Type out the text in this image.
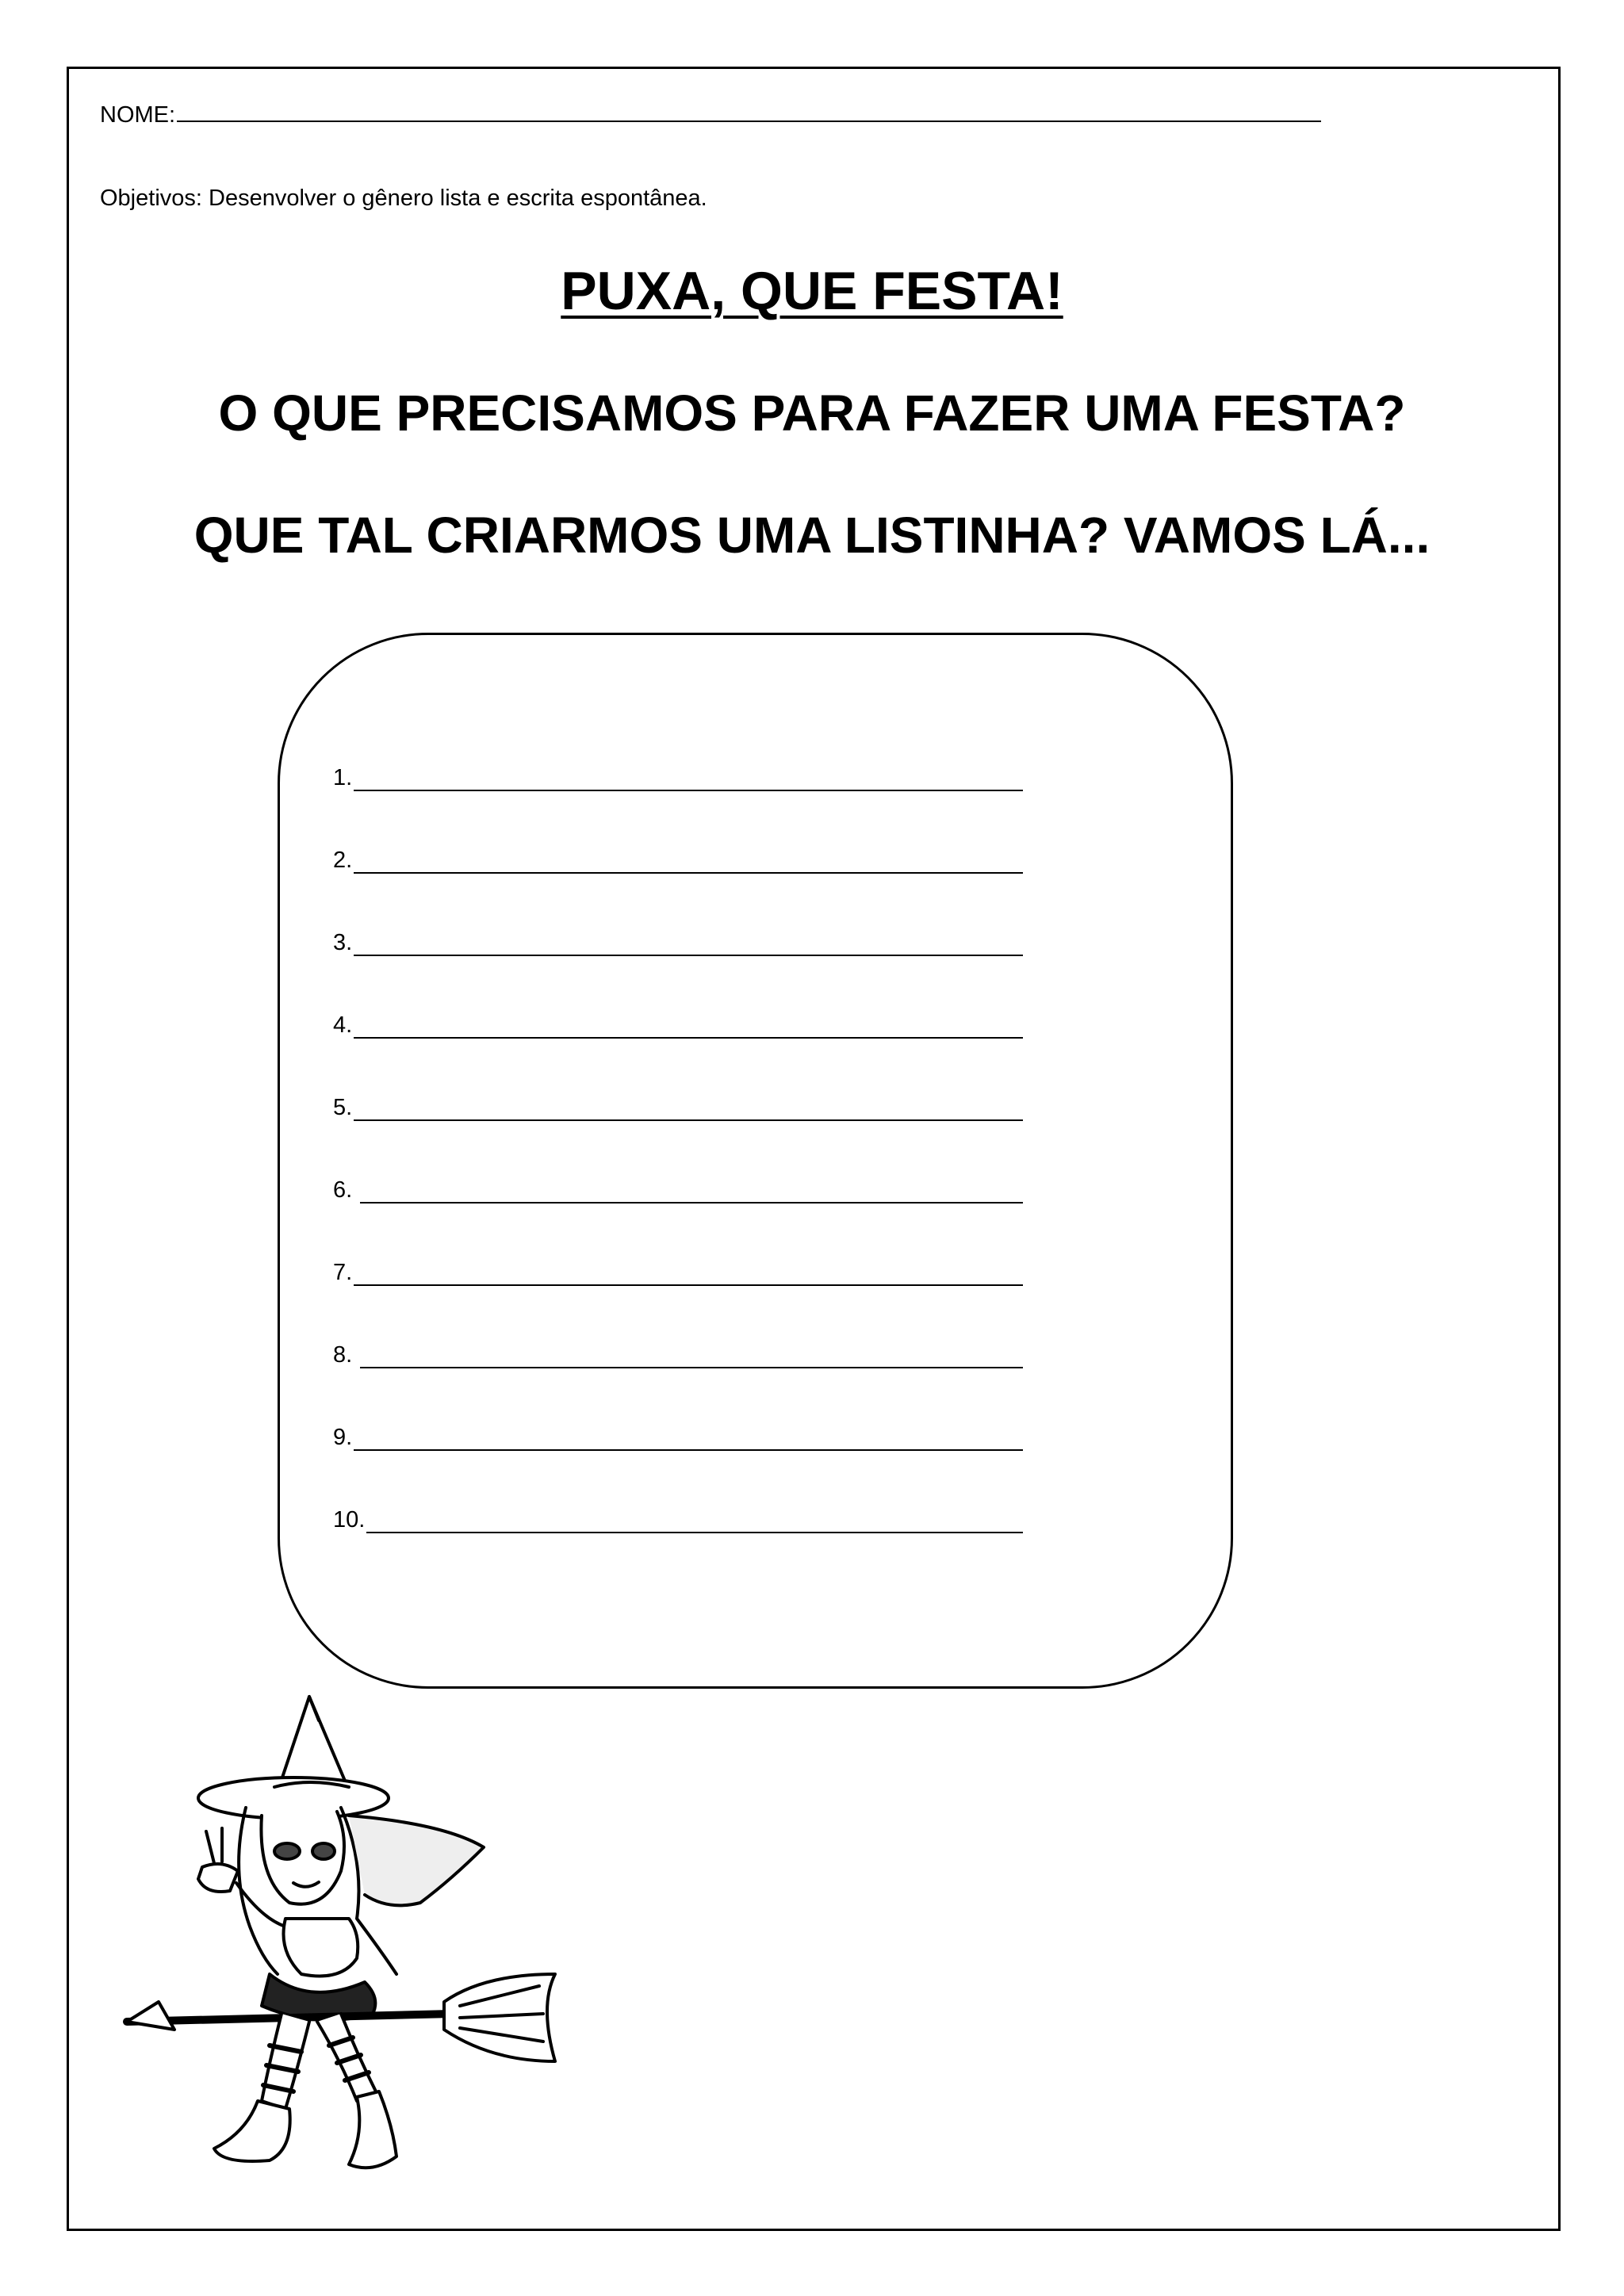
NOME:
Objetivos: Desenvolver o gênero lista e escrita espontânea.
PUXA, QUE FESTA!
O QUE PRECISAMOS PARA FAZER UMA FESTA?
QUE TAL CRIARMOS UMA LISTINHA? VAMOS LÁ...
1.
2.
3.
4.
5.
6.
7.
8.
9.
10.
